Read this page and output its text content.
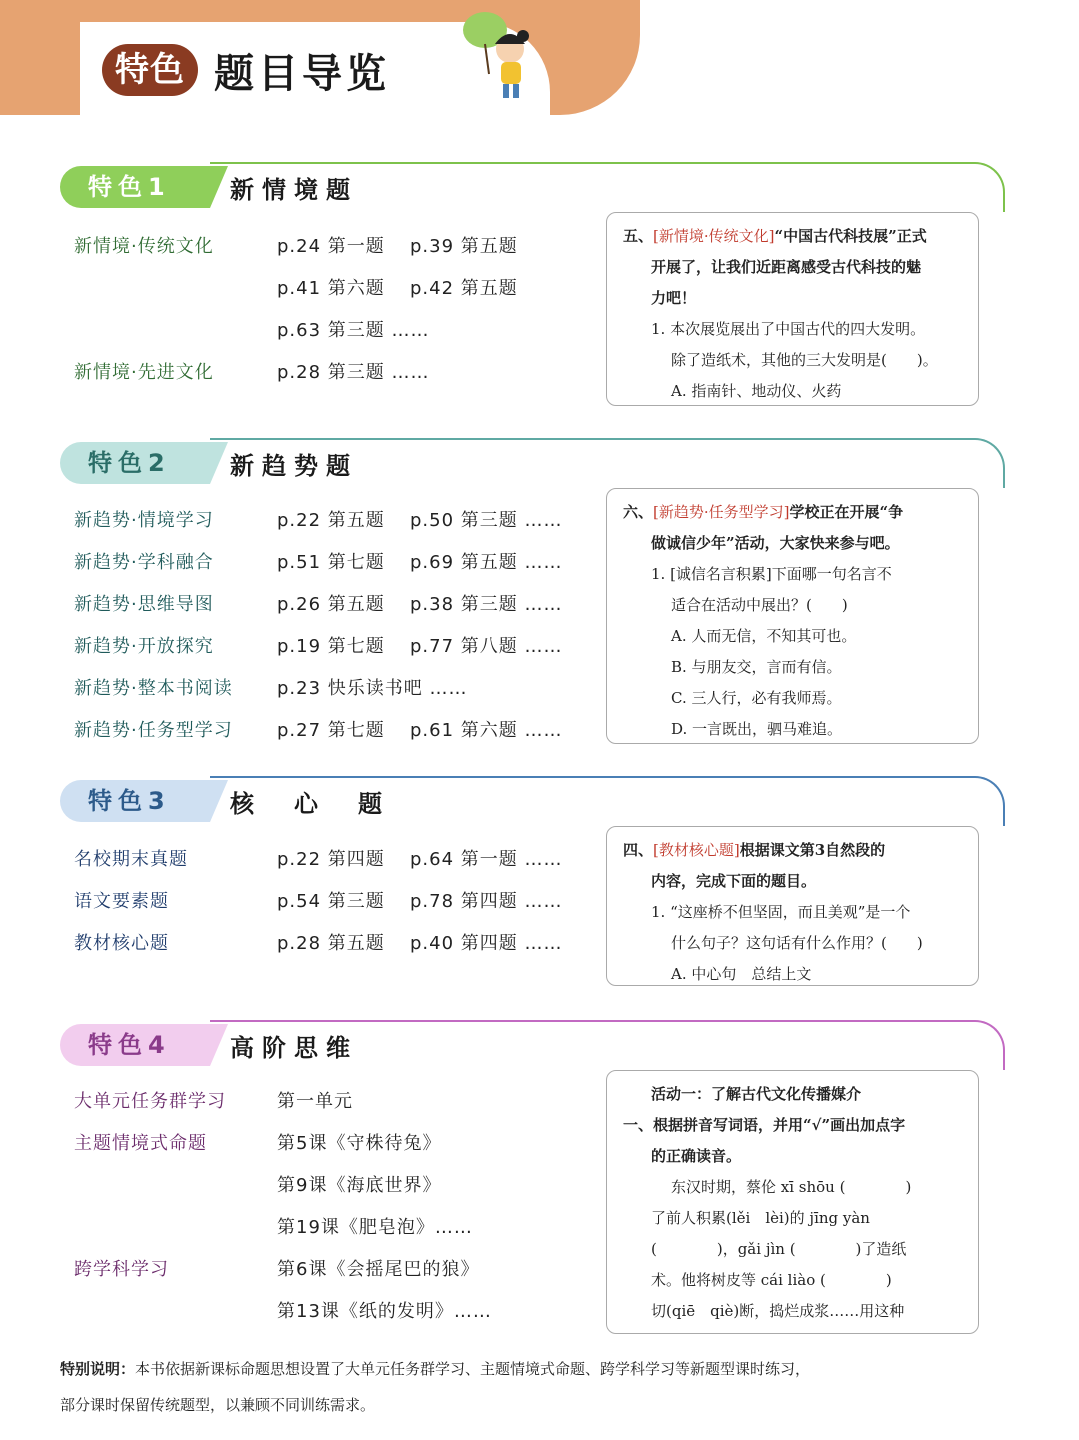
特色 题目导览
特色1	新情境题
新情境·传统文化	p.24 第一题 p.39 第五题
p.41 第六题 p.42 第五题
p.63 第三题 ……
新情境·先进文化	p.28 第三题 ……
五、[新情境·传统文化]“中国古代科技展”正式
开展了，让我们近距离感受古代科技的魅
力吧！
1. 本次展览展出了中国古代的四大发明。
除了造纸术，其他的三大发明是(　　)。
A. 指南针、地动仪、火药
特色2	新趋势题
新趋势·情境学习	p.22 第五题 p.50 第三题 ……
新趋势·学科融合	p.51 第七题 p.69 第五题 ……
新趋势·思维导图	p.26 第五题 p.38 第三题 ……
新趋势·开放探究	p.19 第七题 p.77 第八题 ……
新趋势·整本书阅读 p.23 快乐读书吧 ……
新趋势·任务型学习 p.27 第七题 p.61 第六题 ……
六、[新趋势·任务型学习]学校正在开展“争
做诚信少年”活动，大家快来参与吧。
1. [诚信名言积累]下面哪一句名言不
适合在活动中展出？(　　)
A. 人而无信，不知其可也。
B. 与朋友交，言而有信。
C. 三人行，必有我师焉。
D. 一言既出，驷马难追。
特色3	核　心　题
名校期末真题	p.22 第四题 p.64 第一题 ……
语文要素题	p.54 第三题 p.78 第四题 ……
教材核心题	p.28 第五题 p.40 第四题 ……
四、[教材核心题]根据课文第3自然段的
内容，完成下面的题目。
1. “这座桥不但坚固，而且美观”是一个
什么句子？这句话有什么作用？(　　)
A. 中心句　总结上文
特色4	高阶思维
大单元任务群学习	第一单元
主题情境式命题	第5课《守株待兔》
第9课《海底世界》
第19课《肥皂泡》……
跨学科学习	第6课《会摇尾巴的狼》
第13课《纸的发明》……
活动一：了解古代文化传播媒介
一、根据拼音写词语，并用“√”画出加点字
的正确读音。
东汉时期，蔡伦 xī shōu (　　　　)
了前人积累(lěi　lèi)的 jīng yàn
(　　　　)，gǎi jìn (　　　　)了造纸
术。他将树皮等 cái liào (　　　　)
切(qiē　qiè)断，捣烂成浆……用这种
特别说明：本书依据新课标命题思想设置了大单元任务群学习、主题情境式命题、跨学科学习等新题型课时练习，
部分课时保留传统题型，以兼顾不同训练需求。
